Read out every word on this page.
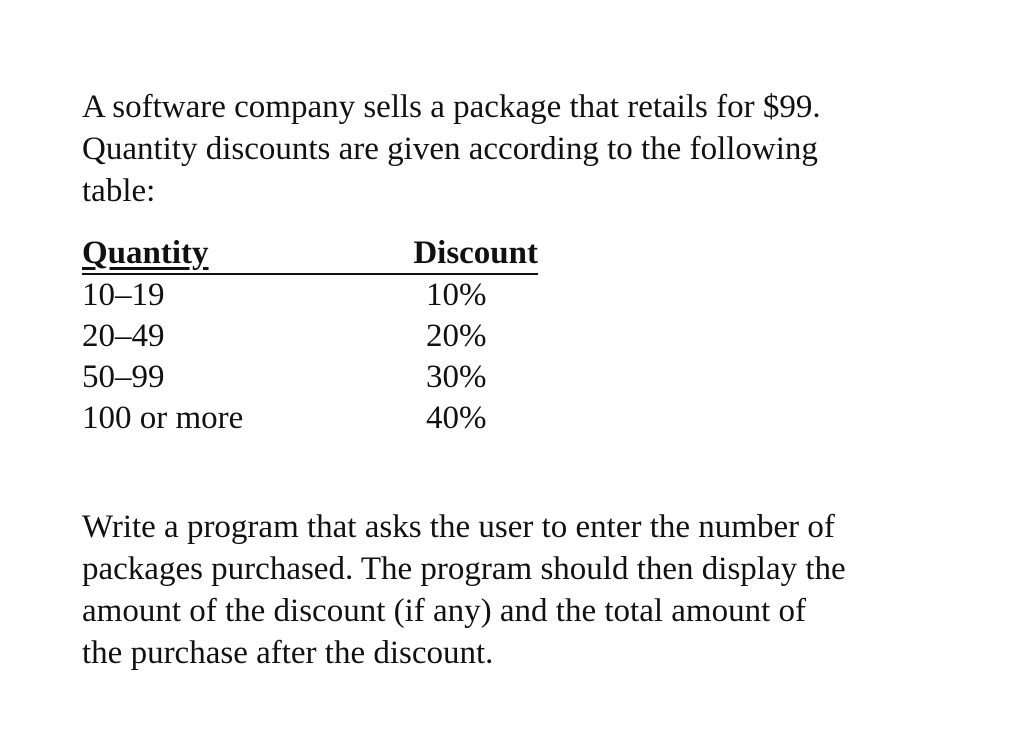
A software company sells a package that retails for $99.
Quantity discounts are given according to the following
table:

Quantity	Discount
10–19	10%
20–49	20%
50–99	30%
100 or more	40%

Write a program that asks the user to enter the number of
packages purchased. The program should then display the
amount of the discount (if any) and the total amount of
the purchase after the discount.
